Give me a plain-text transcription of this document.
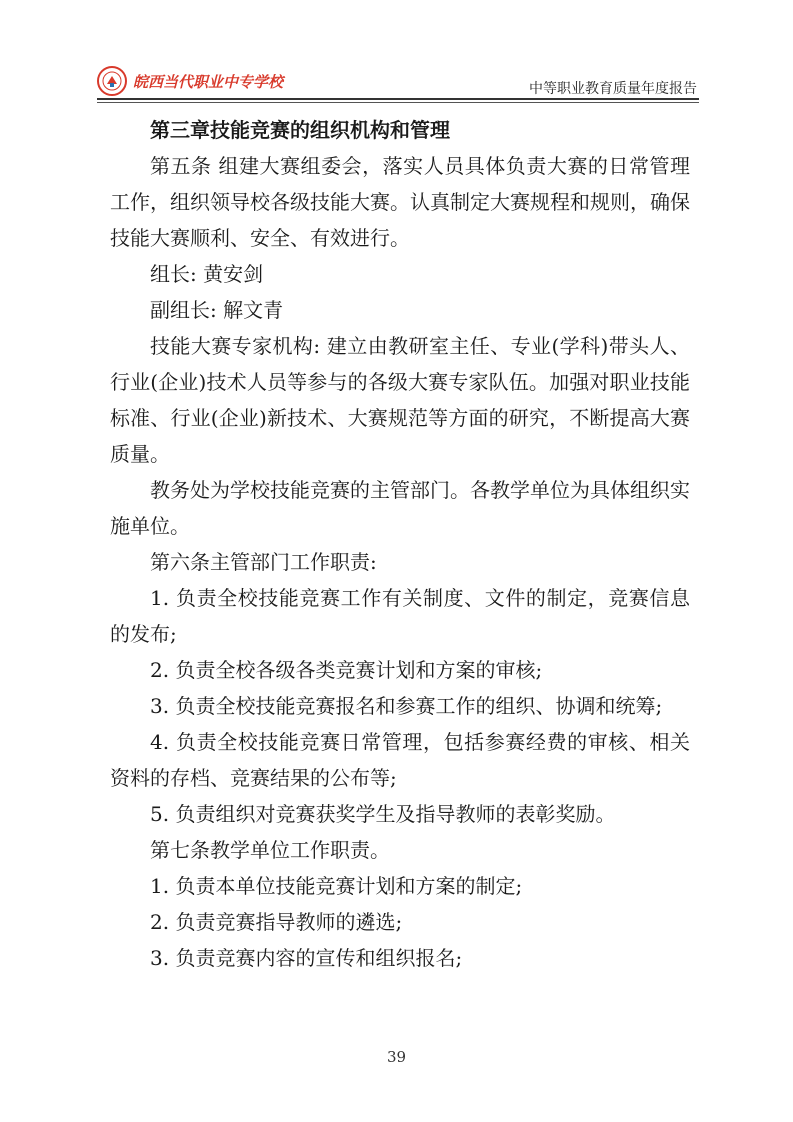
皖西当代职业中专学校	中等职业教育质量年度报告

第三章技能竞赛的组织机构和管理

第五条 组建大赛组委会，落实人员具体负责大赛的日常管理工作，组织领导校各级技能大赛。认真制定大赛规程和规则，确保技能大赛顺利、安全、有效进行。

组长: 黄安剑

副组长: 解文青

技能大赛专家机构: 建立由教研室主任、专业(学科)带头人、行业(企业)技术人员等参与的各级大赛专家队伍。加强对职业技能标准、行业(企业)新技术、大赛规范等方面的研究，不断提高大赛质量。

教务处为学校技能竞赛的主管部门。各教学单位为具体组织实施单位。

第六条主管部门工作职责:

1. 负责全校技能竞赛工作有关制度、文件的制定，竞赛信息的发布;

2. 负责全校各级各类竞赛计划和方案的审核;

3. 负责全校技能竞赛报名和参赛工作的组织、协调和统筹;

4. 负责全校技能竞赛日常管理，包括参赛经费的审核、相关资料的存档、竞赛结果的公布等;

5. 负责组织对竞赛获奖学生及指导教师的表彰奖励。

第七条教学单位工作职责。

1. 负责本单位技能竞赛计划和方案的制定;

2. 负责竞赛指导教师的遴选;

3. 负责竞赛内容的宣传和组织报名;

39
